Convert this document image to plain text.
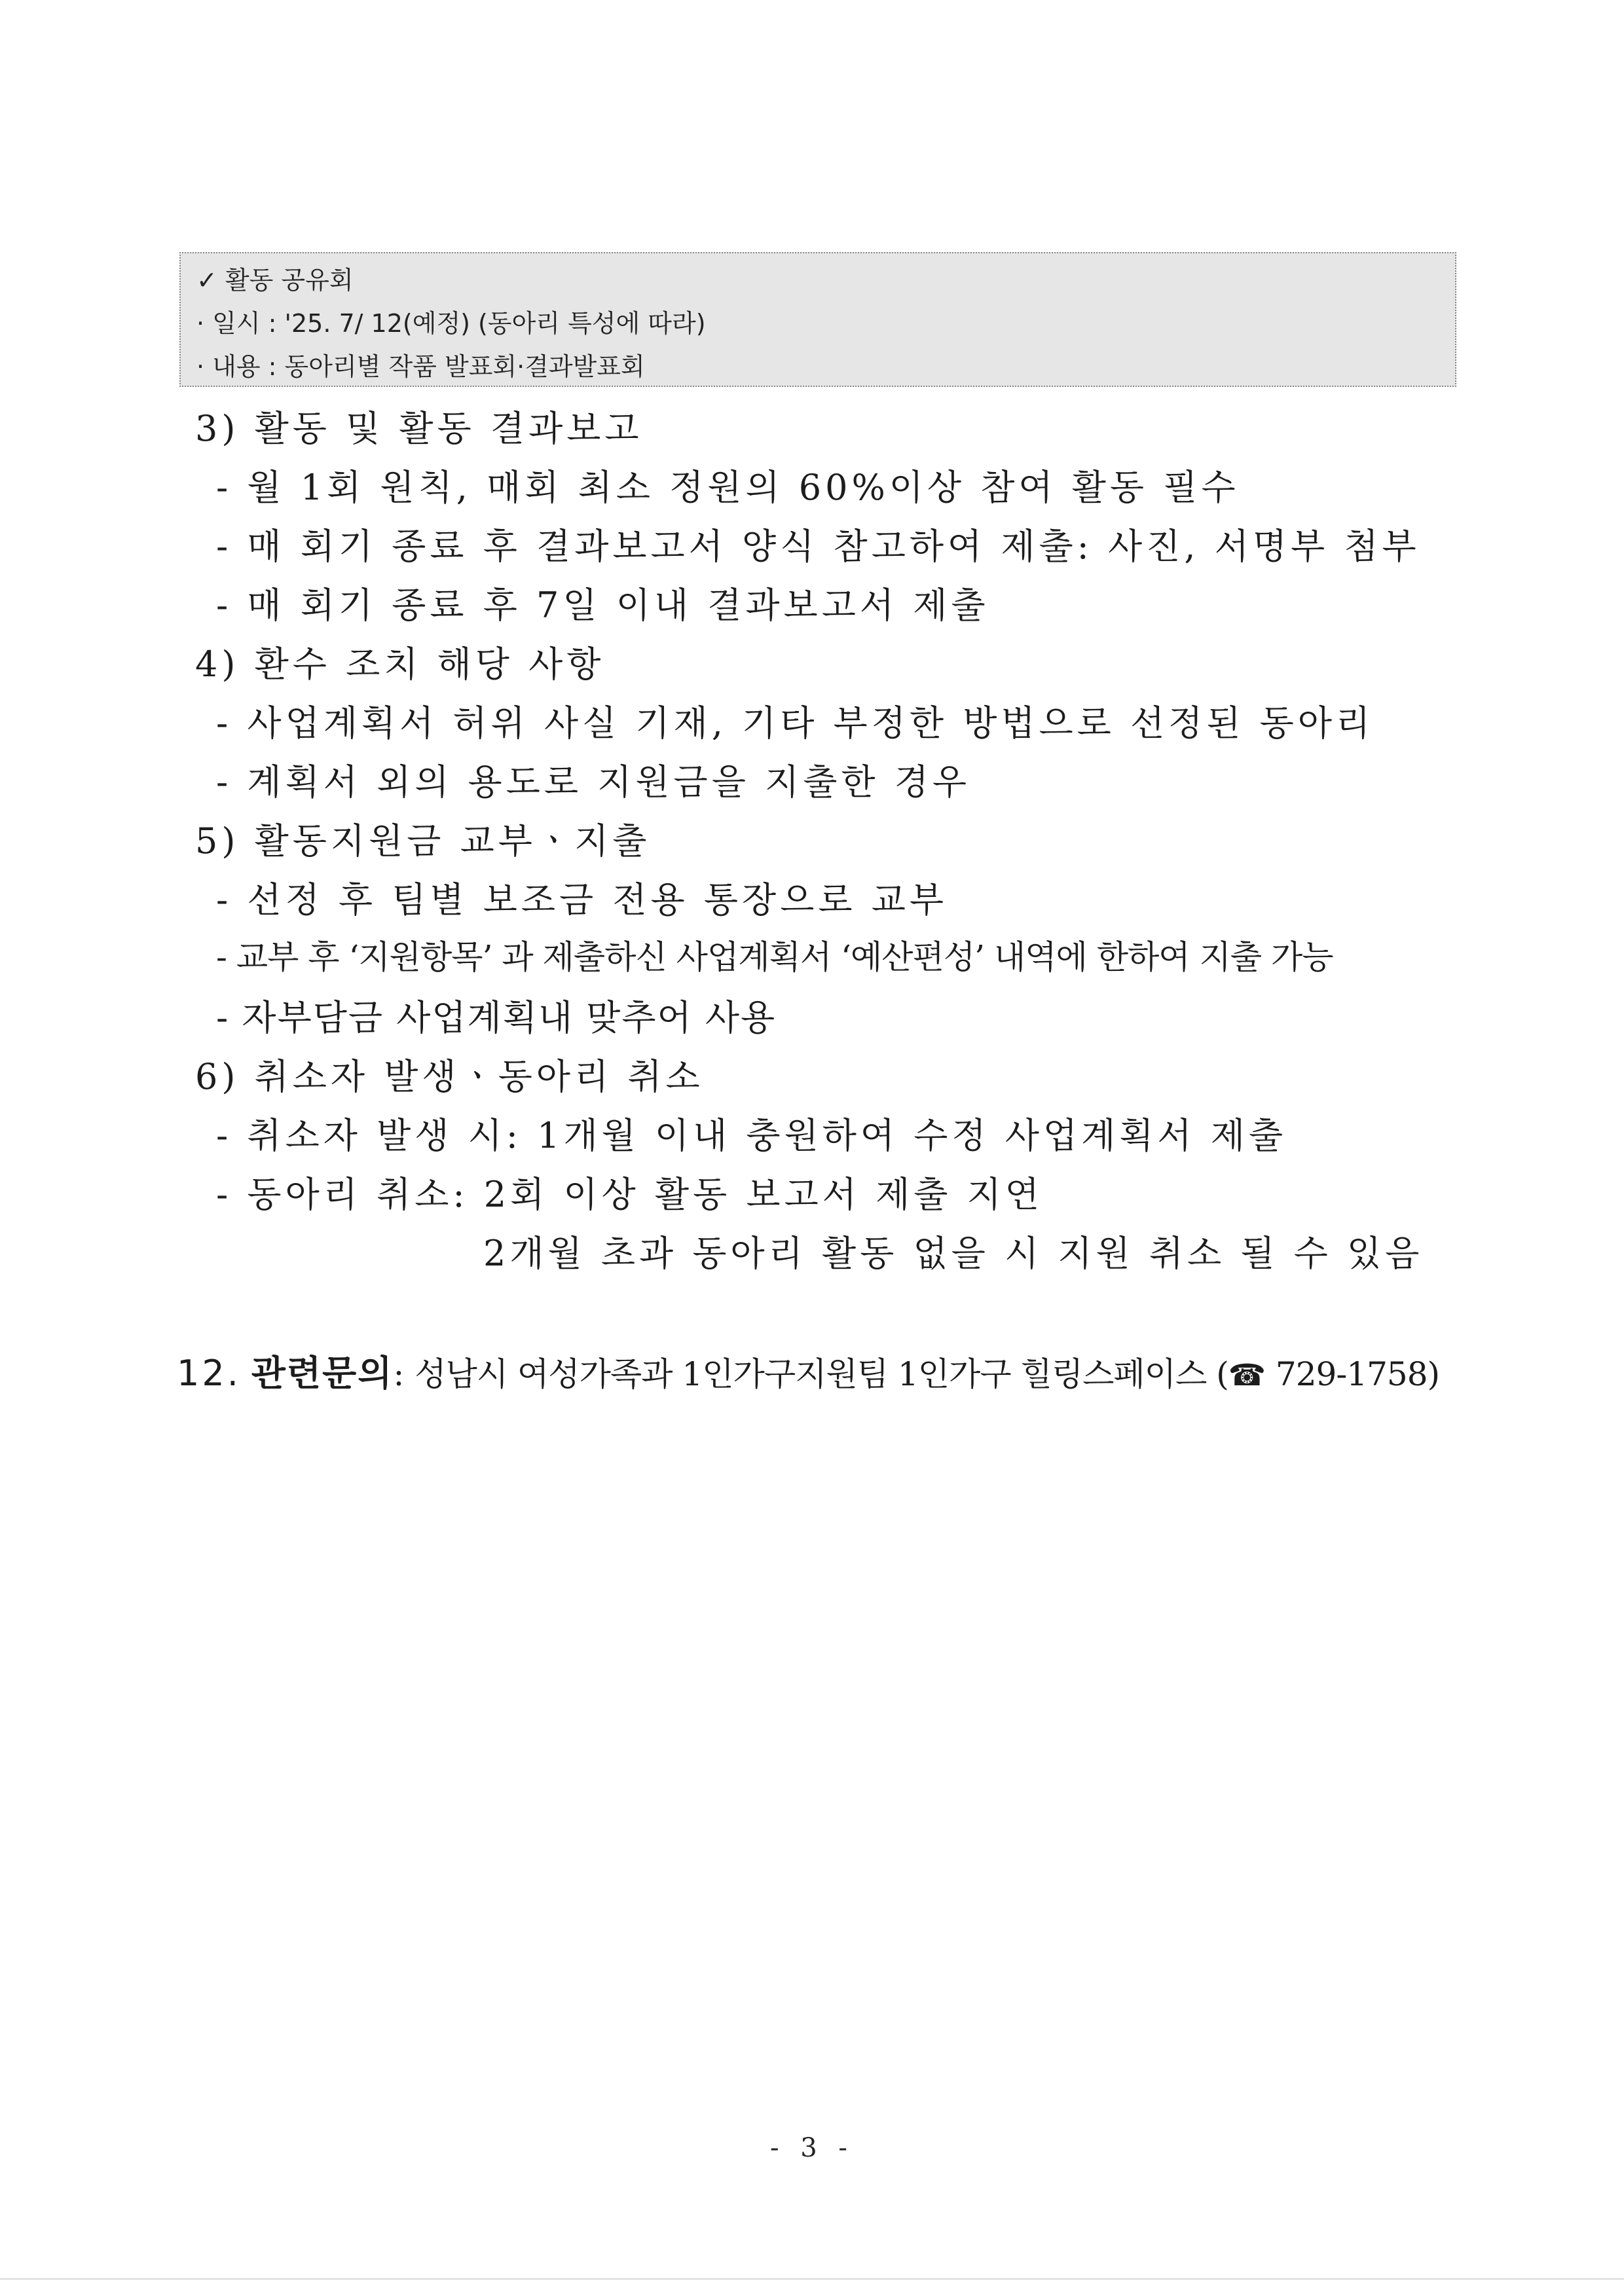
✓ 활동 공유회
· 일시 : '25. 7/ 12(예정) (동아리 특성에 따라)
· 내용 : 동아리별 작품 발표회·결과발표회
3) 활동 및 활동 결과보고
- 월 1회 원칙, 매회 최소 정원의 60%이상 참여 활동 필수
- 매 회기 종료 후 결과보고서 양식 참고하여 제출: 사진, 서명부 첨부
- 매 회기 종료 후 7일 이내 결과보고서 제출
4) 환수 조치 해당 사항
- 사업계획서 허위 사실 기재, 기타 부정한 방법으로 선정된 동아리
- 계획서 외의 용도로 지원금을 지출한 경우
5) 활동지원금 교부ㆍ지출
- 선정 후 팀별 보조금 전용 통장으로 교부
- 교부 후 ‘지원항목’ 과 제출하신 사업계획서 ‘예산편성’ 내역에 한하여 지출 가능
- 자부담금 사업계획내 맞추어 사용
6) 취소자 발생ㆍ동아리 취소
- 취소자 발생 시: 1개월 이내 충원하여 수정 사업계획서 제출
- 동아리 취소: 2회 이상 활동 보고서 제출 지연
2개월 초과 동아리 활동 없을 시 지원 취소 될 수 있음
12. 관련문의: 성남시 여성가족과 1인가구지원팀 1인가구 힐링스페이스 (☎ 729-1758)
- 3 -
